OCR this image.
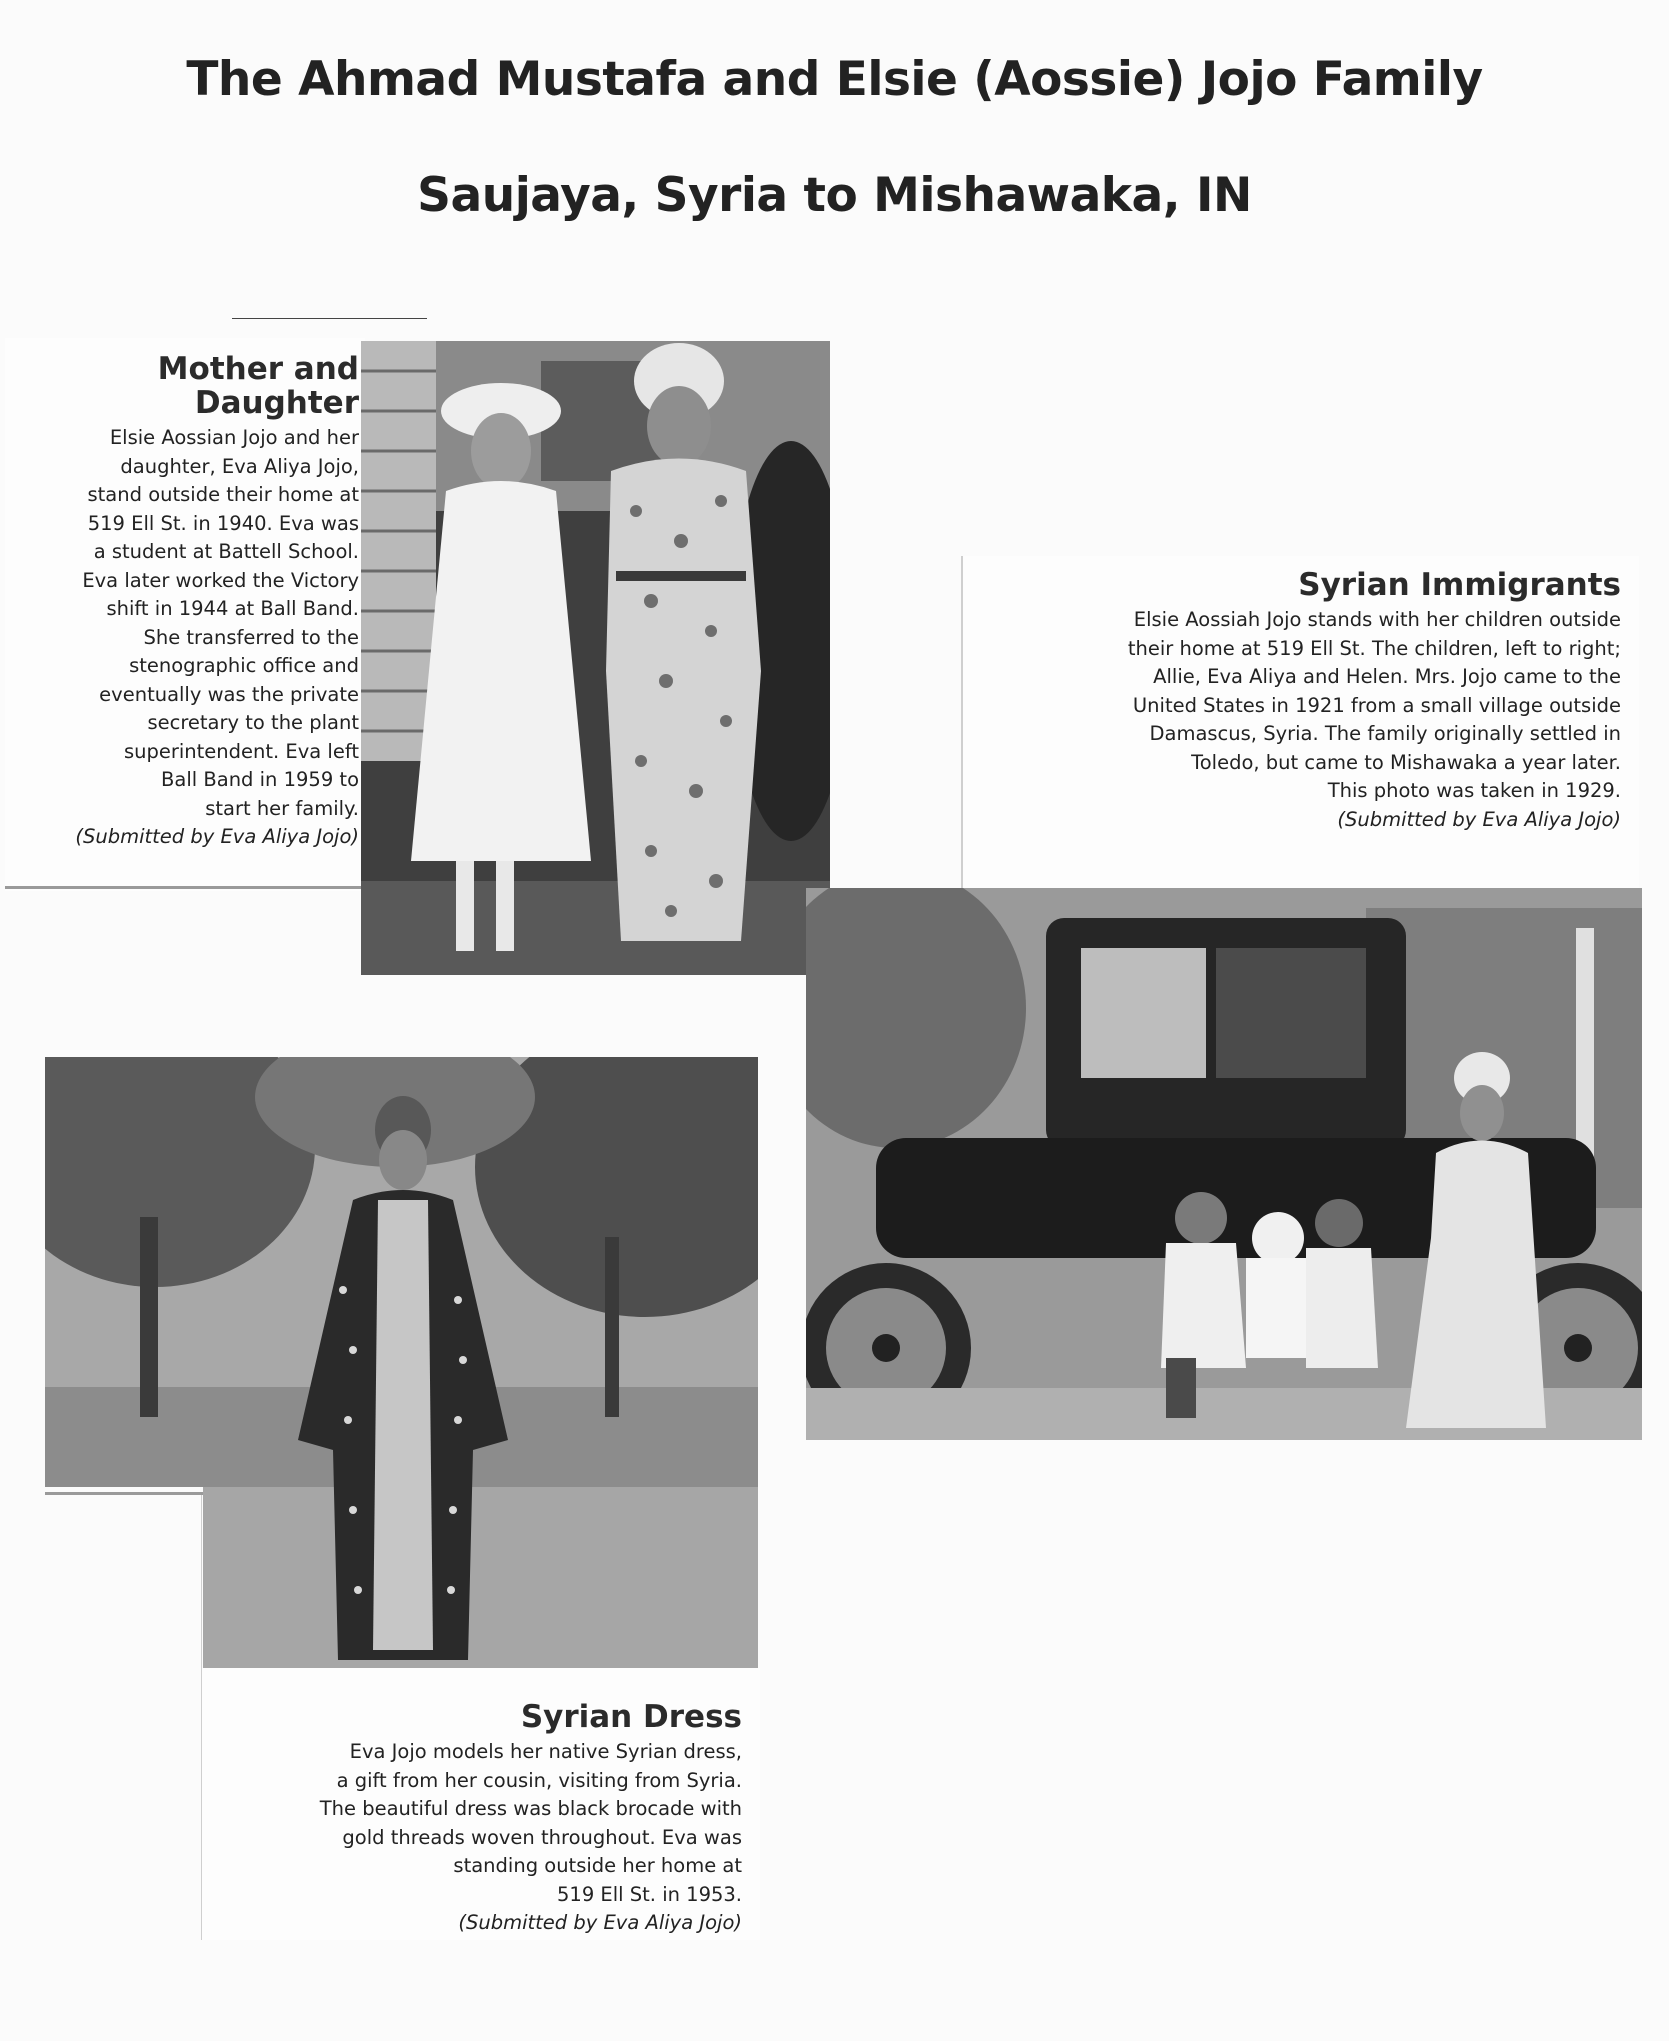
The Ahmad Mustafa and Elsie (Aossie) Jojo Family
Saujaya, Syria to Mishawaka, IN

Mother and

Daughter

Elsie Aossian Jojo and her

daughter, Eva Aliya Jojo,

stand outside their home at

519 Ell St. in 1940. Eva was

a student at Battell School.

Eva later worked the Victory

shift in 1944 at Ball Band.

She transferred to the

stenographic office and

eventually was the private

secretary to the plant

superintendent. Eva left

Ball Band in 1959 to

start her family.

(Submitted by Eva Aliya Jojo)

Syrian Immigrants

Elsie Aossiah Jojo stands with her children outside

their home at 519 Ell St. The children, left to right;

Allie, Eva Aliya and Helen. Mrs. Jojo came to the

United States in 1921 from a small village outside

Damascus, Syria. The family originally settled in

Toledo, but came to Mishawaka a year later.

This photo was taken in 1929.

(Submitted by Eva Aliya Jojo)

Syrian Dress

Eva Jojo models her native Syrian dress,

a gift from her cousin, visiting from Syria.

The beautiful dress was black brocade with

gold threads woven throughout. Eva was

standing outside her home at

519 Ell St. in 1953.

(Submitted by Eva Aliya Jojo)
